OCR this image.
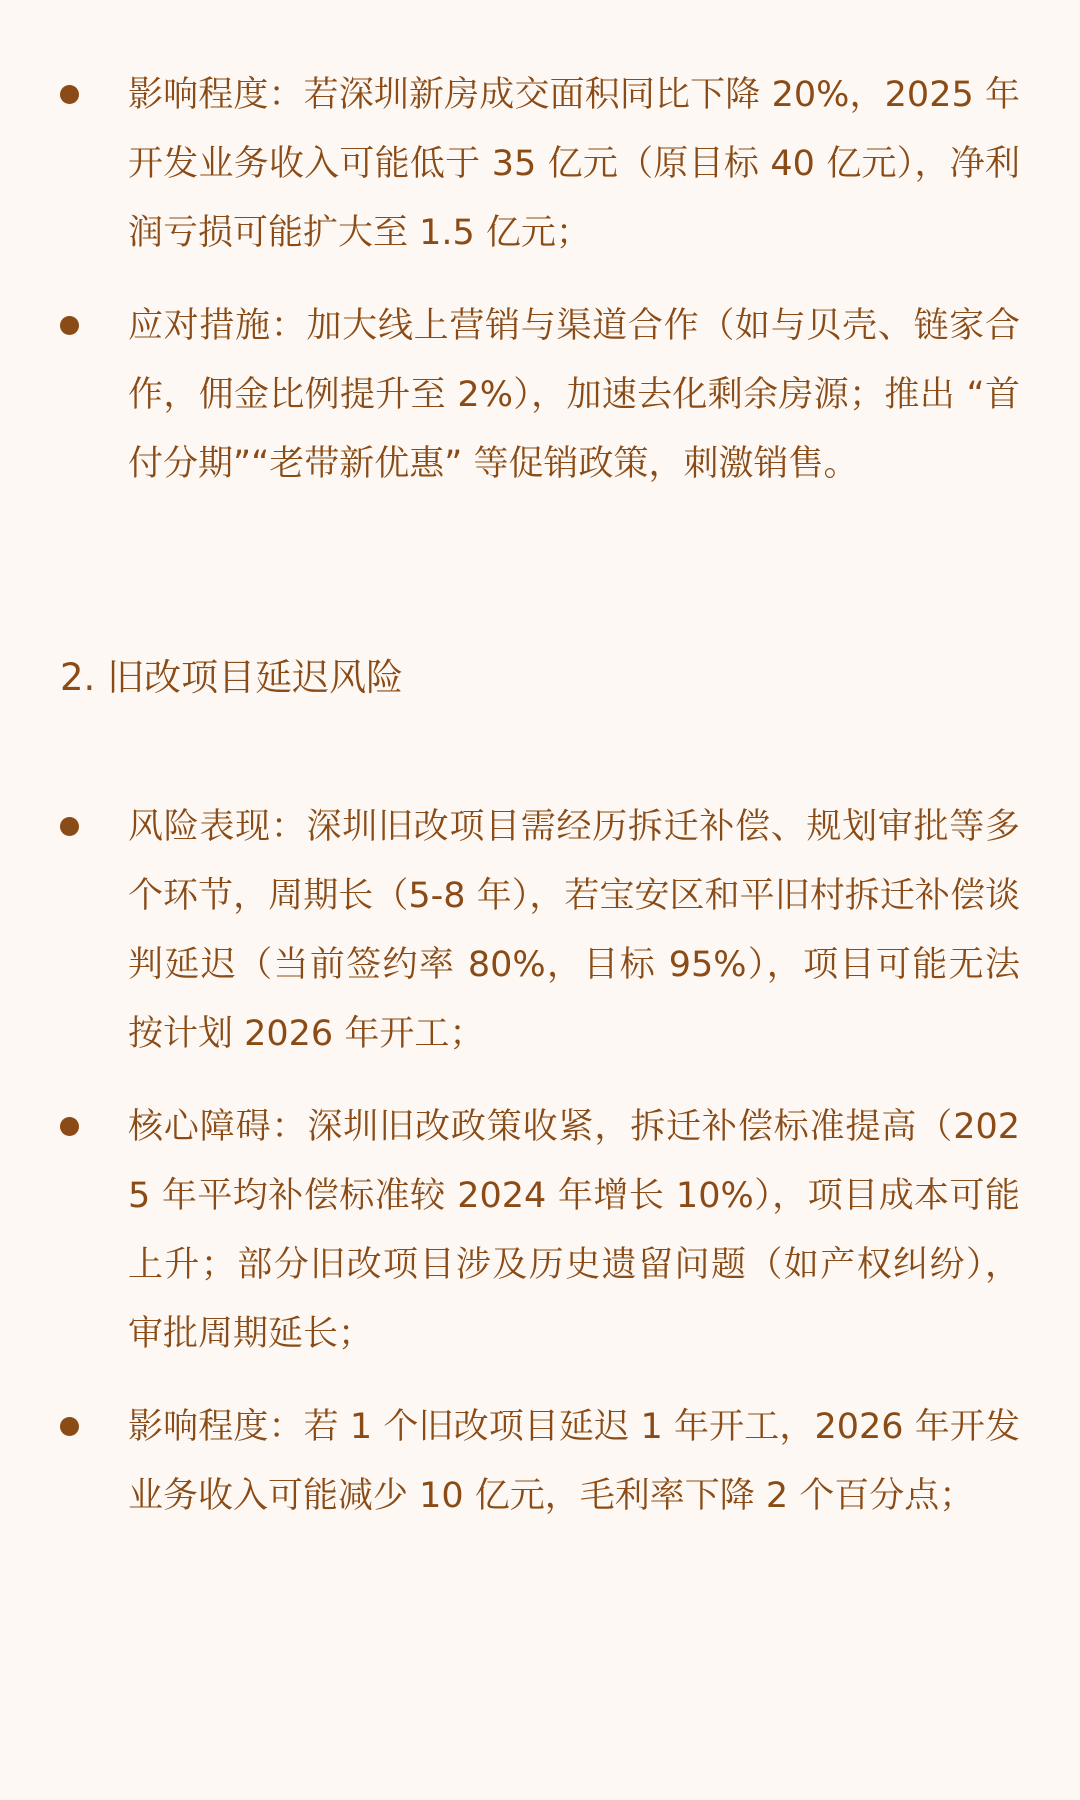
影响程度：若深圳新房成交面积同比下降 20%，2025 年开发业务收入可能低于 35 亿元（原目标 40 亿元），净利润亏损可能扩大至 1.5 亿元；
应对措施：加大线上营销与渠道合作（如与贝壳、链家合作，佣金比例提升至 2%），加速去化剩余房源；推出 “首付分期”“老带新优惠” 等促销政策，刺激销售。
2. 旧改项目延迟风险
风险表现：深圳旧改项目需经历拆迁补偿、规划审批等多个环节，周期长（5-8 年），若宝安区和平旧村拆迁补偿谈判延迟（当前签约率 80%，目标 95%），项目可能无法按计划 2026 年开工；
核心障碍：深圳旧改政策收紧，拆迁补偿标准提高（2025 年平均补偿标准较 2024 年增长 10%），项目成本可能上升；部分旧改项目涉及历史遗留问题（如产权纠纷），审批周期延长；
影响程度：若 1 个旧改项目延迟 1 年开工，2026 年开发业务收入可能减少 10 亿元，毛利率下降 2 个百分点；
